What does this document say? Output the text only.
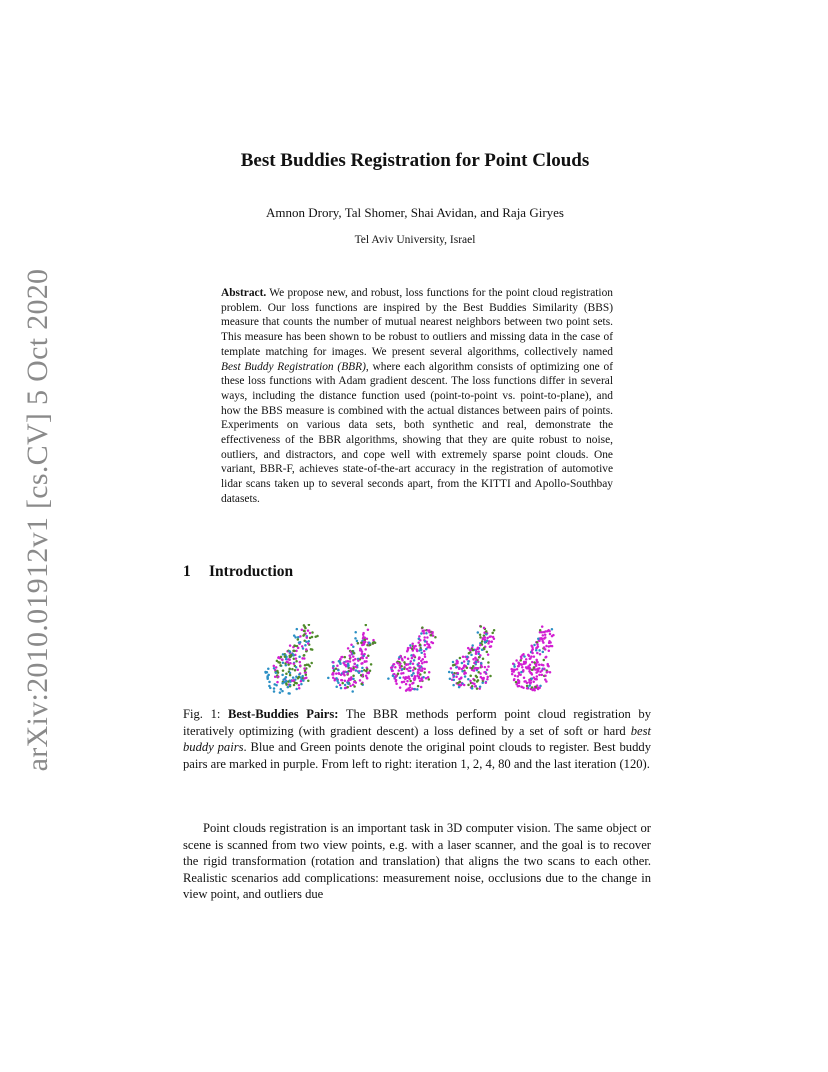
arXiv:2010.01912v1 [cs.CV] 5 Oct 2020
Best Buddies Registration for Point Clouds
Amnon Drory, Tal Shomer, Shai Avidan, and Raja Giryes
Tel Aviv University, Israel
Abstract. We propose new, and robust, loss functions for the point cloud registration problem. Our loss functions are inspired by the Best Buddies Similarity (BBS) measure that counts the number of mutual nearest neighbors between two point sets. This measure has been shown to be robust to outliers and missing data in the case of template matching for images. We present several algorithms, collectively named Best Buddy Registration (BBR), where each algorithm consists of optimizing one of these loss functions with Adam gradient descent. The loss functions differ in several ways, including the distance function used (point-to-point vs. point-to-plane), and how the BBS measure is combined with the actual distances between pairs of points. Experiments on various data sets, both synthetic and real, demonstrate the effectiveness of the BBR algorithms, showing that they are quite robust to noise, outliers, and distractors, and cope well with extremely sparse point clouds. One variant, BBR-F, achieves state-of-the-art accuracy in the registration of automotive lidar scans taken up to several seconds apart, from the KITTI and Apollo-Southbay datasets.
1 Introduction
Fig. 1: Best-Buddies Pairs: The BBR methods perform point cloud registration by iteratively optimizing (with gradient descent) a loss defined by a set of soft or hard best buddy pairs. Blue and Green points denote the original point clouds to register. Best buddy pairs are marked in purple. From left to right: iteration 1, 2, 4, 80 and the last iteration (120).
Point clouds registration is an important task in 3D computer vision. The same object or scene is scanned from two view points, e.g. with a laser scanner, and the goal is to recover the rigid transformation (rotation and translation) that aligns the two scans to each other. Realistic scenarios add complications: measurement noise, occlusions due to the change in view point, and outliers due
